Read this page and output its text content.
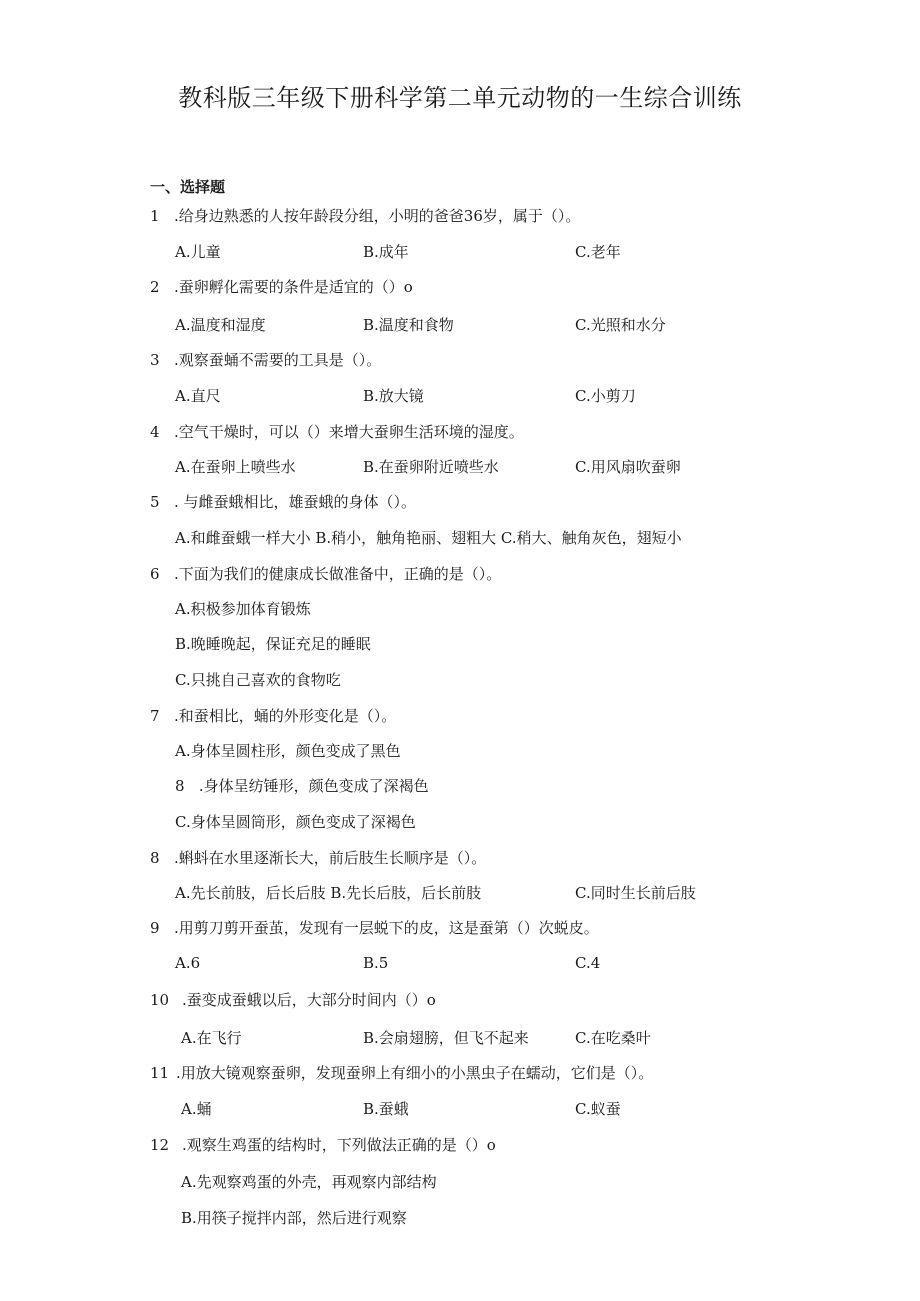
教科版三年级下册科学第二单元动物的一生综合训练
一、选择题
1 .给身边熟悉的人按年龄段分组，小明的爸爸36岁，属于（）。
A.儿童	B.成年	C.老年
2 .蚕卵孵化需要的条件是适宜的（）o
A.温度和湿度	B.温度和食物	C.光照和水分
3 .观察蚕蛹不需要的工具是（）。
A.直尺	B.放大镜	C.小剪刀
4 .空气干燥时，可以（）来增大蚕卵生活环境的湿度。
A.在蚕卵上喷些水	B.在蚕卵附近喷些水	C.用风扇吹蚕卵
5 . 与雌蚕蛾相比，雄蚕蛾的身体（）。
A.和雌蚕蛾一样大小 B.稍小，触角艳丽、翅粗大 C.稍大、触角灰色，翅短小
6 .下面为我们的健康成长做准备中，正确的是（）。
A.积极参加体育锻炼
B.晚睡晚起，保证充足的睡眠
C.只挑自己喜欢的食物吃
7 .和蚕相比，蛹的外形变化是（）。
A.身体呈圆柱形，颜色变成了黑色
8   .身体呈纺锤形，颜色变成了深褐色
C.身体呈圆筒形，颜色变成了深褐色
8 .蝌蚪在水里逐渐长大，前后肢生长顺序是（）。
A.先长前肢，后长后肢 B.先长后肢，后长前肢	C.同时生长前后肢
9 .用剪刀剪开蚕茧，发现有一层蜕下的皮，这是蚕第（）次蜕皮。
A.6	B.5	C.4
10 .蚕变成蚕蛾以后，大部分时间内（）o
A.在飞行	B.会扇翅膀，但飞不起来	C.在吃桑叶
11 .用放大镜观察蚕卵，发现蚕卵上有细小的小黑虫子在蠕动，它们是（）。
A.蛹	B.蚕蛾	C.蚁蚕
12 .观察生鸡蛋的结构时，下列做法正确的是（）o
A.先观察鸡蛋的外壳，再观察内部结构
B.用筷子搅拌内部，然后进行观察
